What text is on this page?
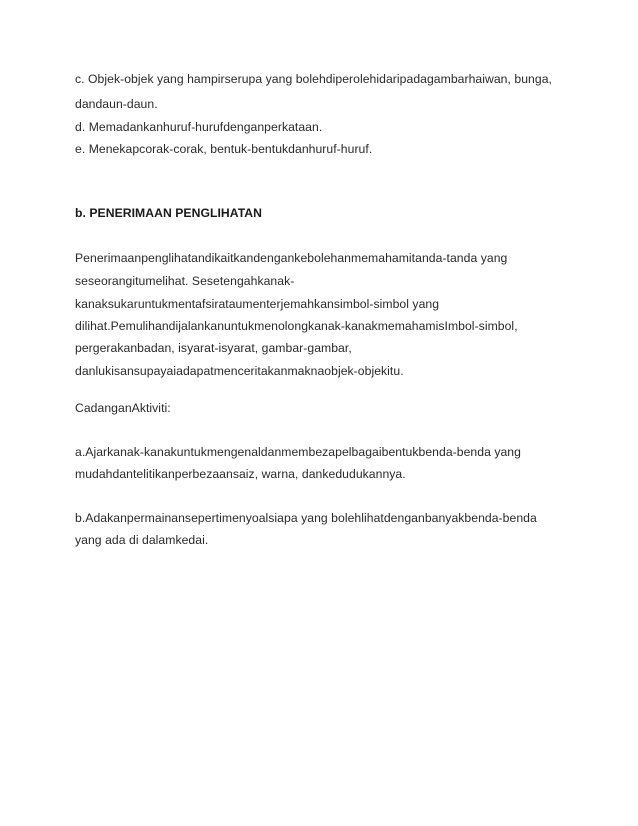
c. Objek-objek yang hampirserupa yang bolehdiperolehidaripadagambarhaiwan, bunga,
dandaun-daun.
d. Memadankanhuruf-hurufdenganperkataan.
e. Menekapcorak-corak, bentuk-bentukdanhuruf-huruf.
b. PENERIMAAN PENGLIHATAN
Penerimaanpenglihatandikaitkandengankebolehanmemahamitanda-tanda yang
seseorangitumelihat. Sesetengahkanak-
kanaksukaruntukmentafsirataumenterjemahkansimbol-simbol yang
dilihat.Pemulihandijalankanuntukmenolongkanak-kanakmemahamisImbol-simbol,
pergerakanbadan, isyarat-isyarat, gambar-gambar,
danlukisansupayaiadapatmenceritakanmaknaobjek-objekitu.
CadanganAktiviti:
a.Ajarkanak-kanakuntukmengenaldanmembezapelbagaibentukbenda-benda yang
mudahdantelitikanperbezaansaiz, warna, dankedudukannya.
b.Adakanpermainansepertimenyoalsiapa yang bolehlihatdenganbanyakbenda-benda
yang ada di dalamkedai.
